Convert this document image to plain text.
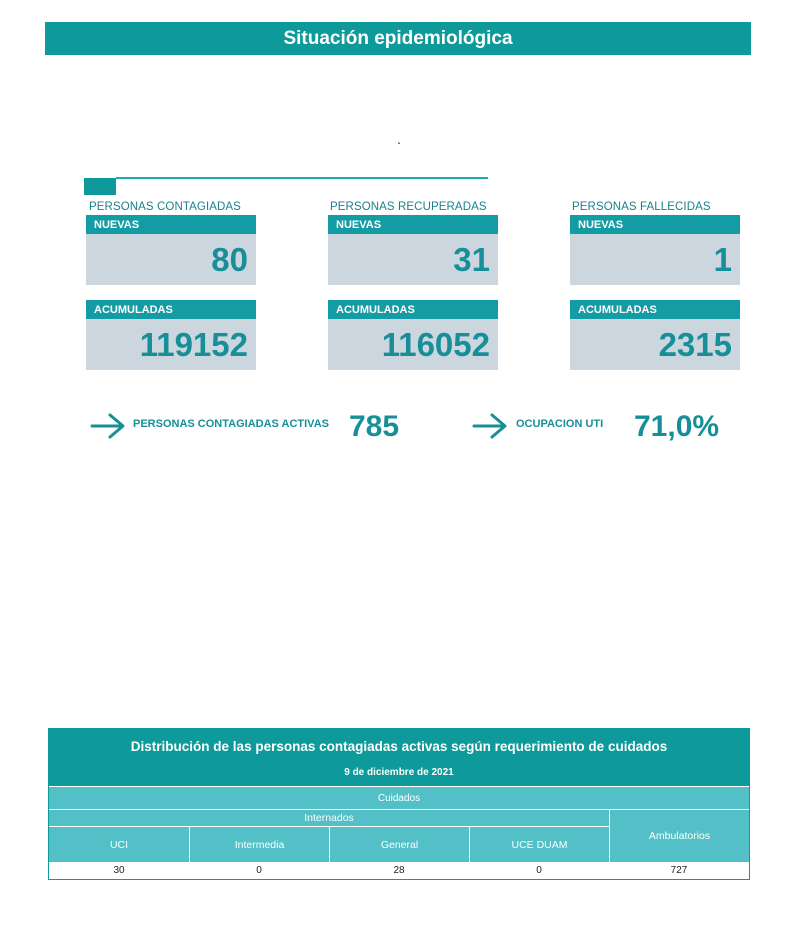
Situación epidemiológica
.
PERSONAS CONTAGIADAS
NUEVAS
80
ACUMULADAS
119152
PERSONAS RECUPERADAS
NUEVAS
31
ACUMULADAS
116052
PERSONAS FALLECIDAS
NUEVAS
1
ACUMULADAS
2315
PERSONAS CONTAGIADAS ACTIVAS 785	OCUPACION UTI 71,0%
Distribución de las personas contagiadas activas según requerimiento de cuidados
9 de diciembre de 2021
Cuidados
Internados
Ambulatorios
UCI	Intermedia	General	UCE DUAM
30	0	28	0	727
